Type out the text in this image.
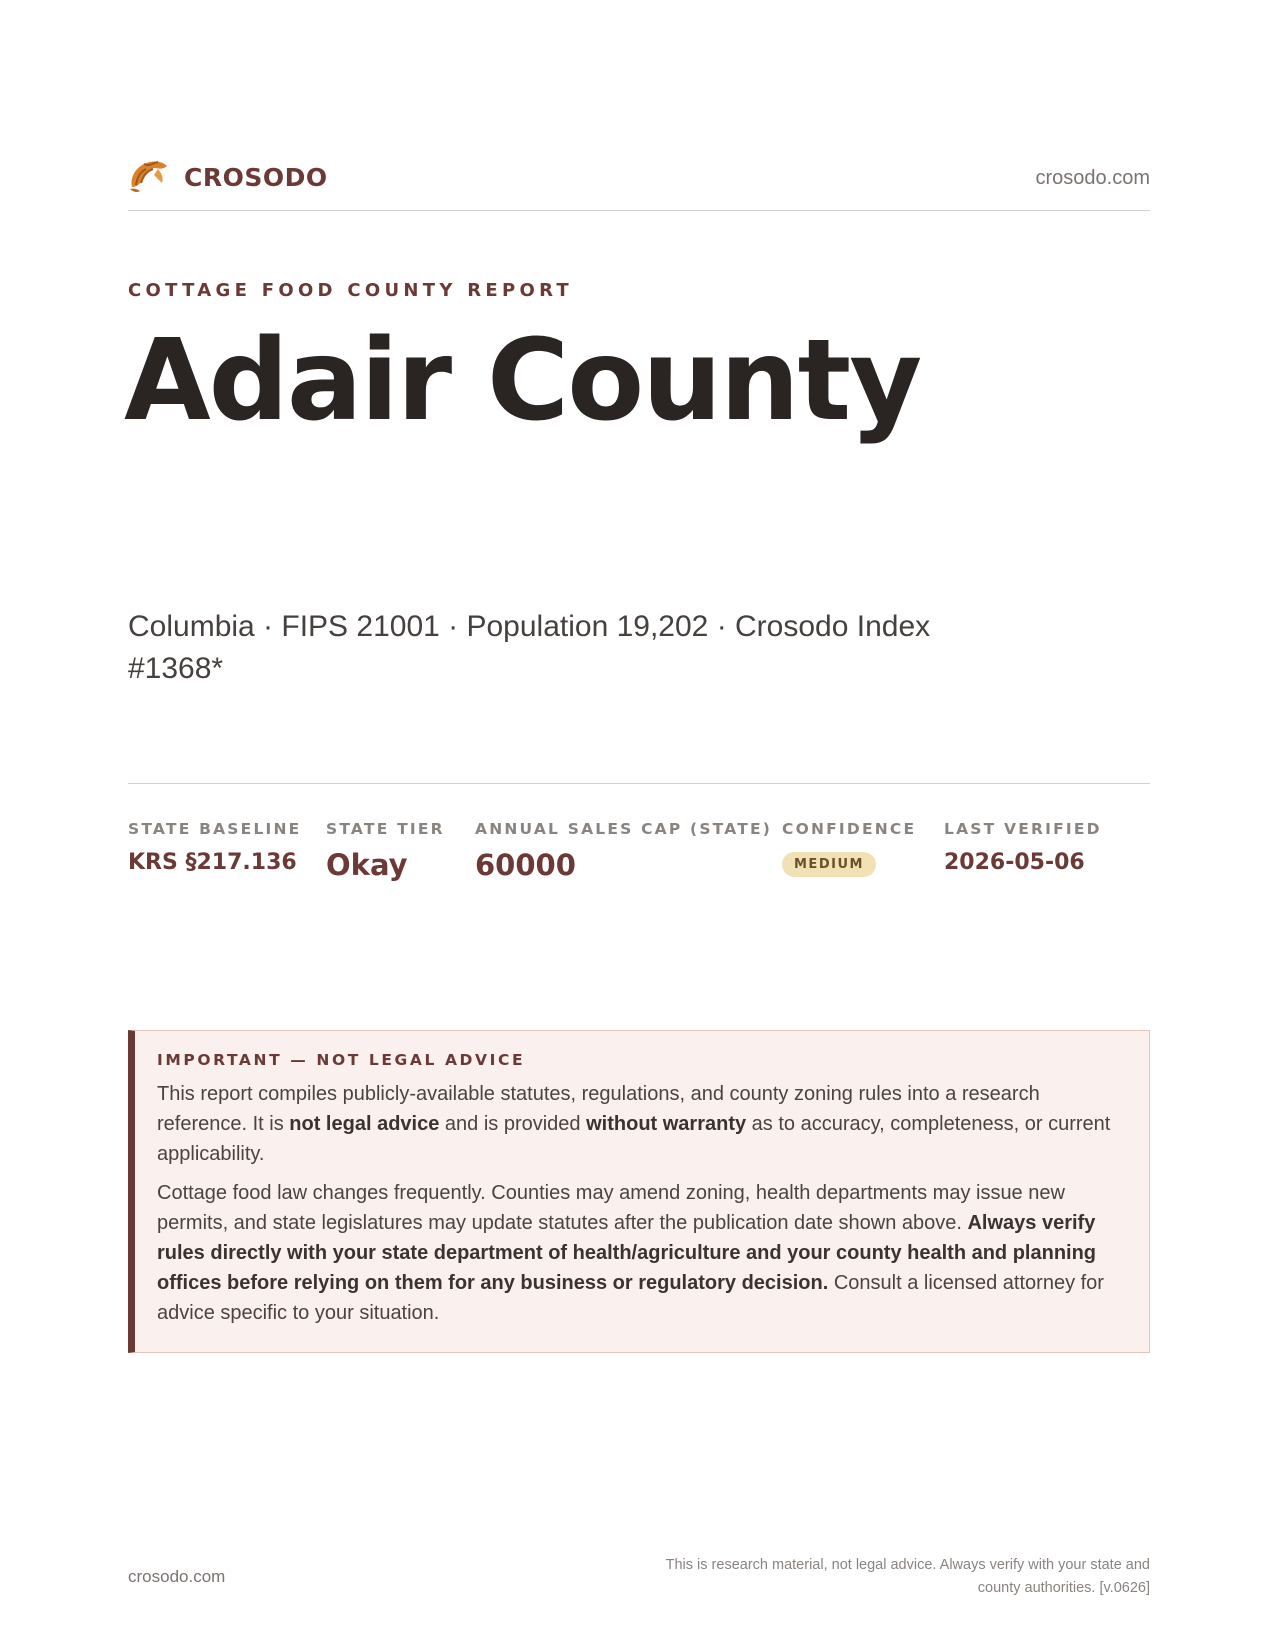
CROSODO	crosodo.com
COTTAGE FOOD COUNTY REPORT
Adair County
Columbia · FIPS 21001 · Population 19,202 · Crosodo Index #1368*
STATE BASELINE
KRS §217.136
STATE TIER
Okay
ANNUAL SALES CAP (STATE)
60000
CONFIDENCE
MEDIUM
LAST VERIFIED
2026-05-06
IMPORTANT — NOT LEGAL ADVICE

This report compiles publicly-available statutes, regulations, and county zoning rules into a research reference. It is not legal advice and is provided without warranty as to accuracy, completeness, or current applicability.

Cottage food law changes frequently. Counties may amend zoning, health departments may issue new permits, and state legislatures may update statutes after the publication date shown above. Always verify rules directly with your state department of health/agriculture and your county health and planning offices before relying on them for any business or regulatory decision. Consult a licensed attorney for advice specific to your situation.

crosodo.com
This is research material, not legal advice. Always verify with your state and county authorities. [v.0626]
